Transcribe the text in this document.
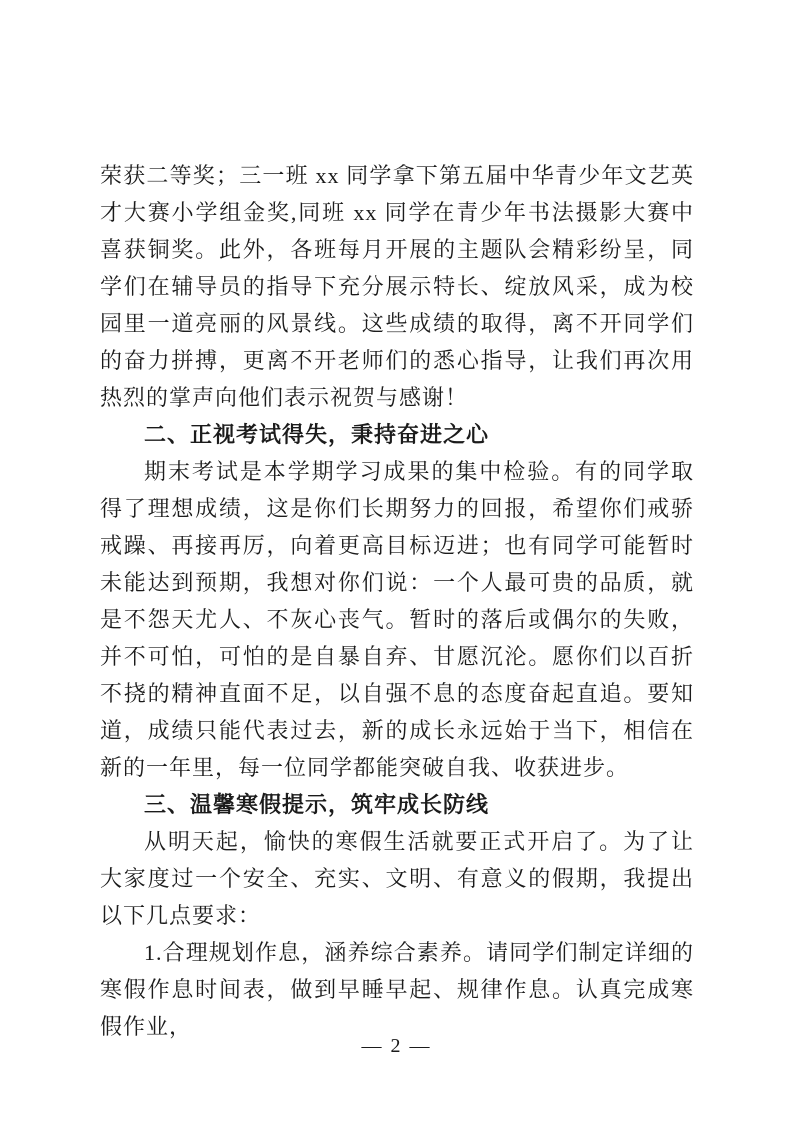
荣获二等奖；三一班 xx 同学拿下第五届中华青少年文艺英才大赛小学组金奖,同班 xx 同学在青少年书法摄影大赛中喜获铜奖。此外，各班每月开展的主题队会精彩纷呈，同学们在辅导员的指导下充分展示特长、绽放风采，成为校园里一道亮丽的风景线。这些成绩的取得，离不开同学们的奋力拼搏，更离不开老师们的悉心指导，让我们再次用热烈的掌声向他们表示祝贺与感谢！

二、正视考试得失，秉持奋进之心

期末考试是本学期学习成果的集中检验。有的同学取得了理想成绩，这是你们长期努力的回报，希望你们戒骄戒躁、再接再厉，向着更高目标迈进；也有同学可能暂时未能达到预期，我想对你们说：一个人最可贵的品质，就是不怨天尤人、不灰心丧气。暂时的落后或偶尔的失败，并不可怕，可怕的是自暴自弃、甘愿沉沦。愿你们以百折不挠的精神直面不足，以自强不息的态度奋起直追。要知道，成绩只能代表过去，新的成长永远始于当下，相信在新的一年里，每一位同学都能突破自我、收获进步。

三、温馨寒假提示，筑牢成长防线

从明天起，愉快的寒假生活就要正式开启了。为了让大家度过一个安全、充实、文明、有意义的假期，我提出以下几点要求：

1.合理规划作息，涵养综合素养。请同学们制定详细的寒假作息时间表，做到早睡早起、规律作息。认真完成寒假作业，

— 2 —
